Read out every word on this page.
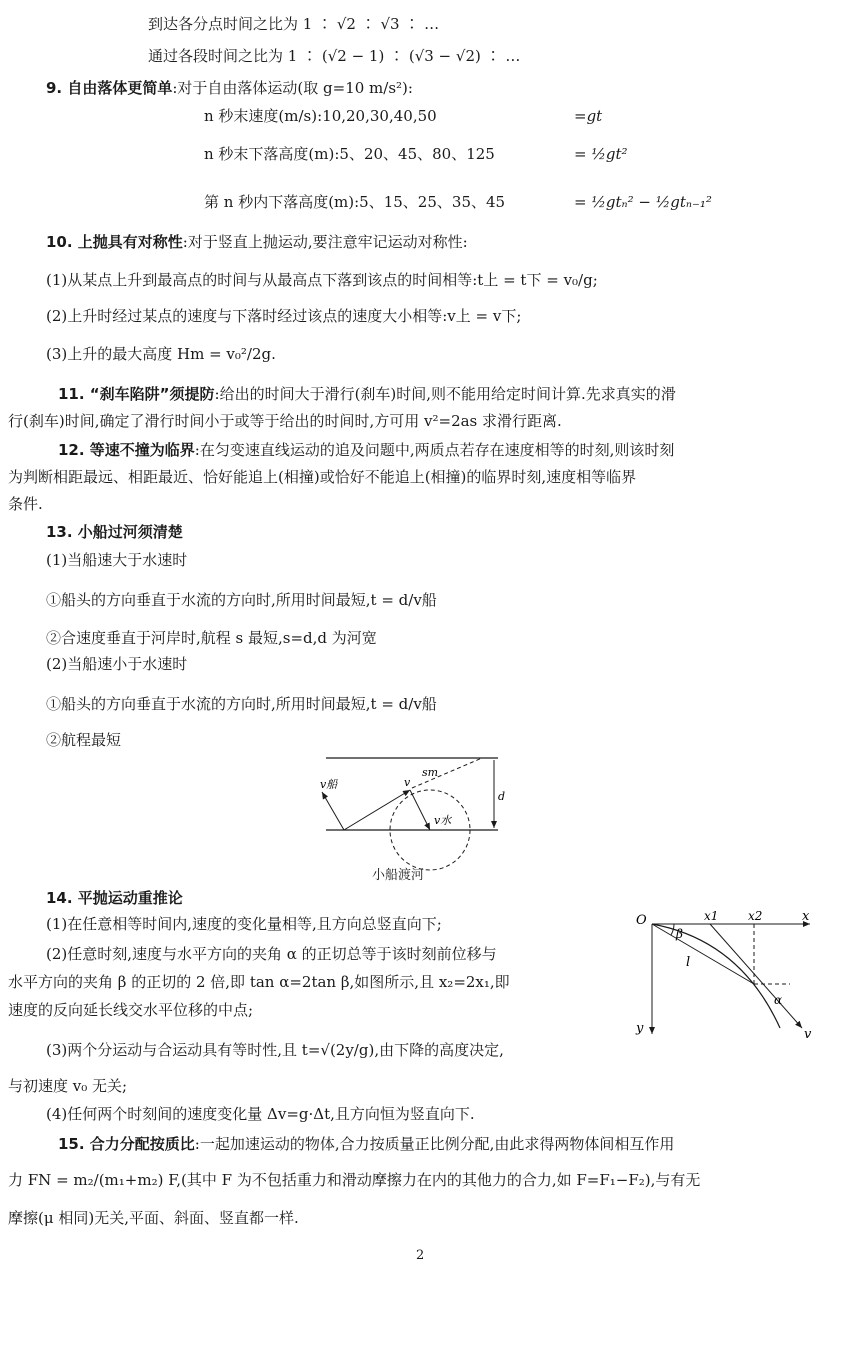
到达各分点时间之比为 1 ∶ √2 ∶ √3 ∶ …
通过各段时间之比为 1 ∶ (√2 − 1) ∶ (√3 − √2) ∶ …
9. 自由落体更简单:对于自由落体运动(取 g=10 m/s²):
n 秒末速度(m/s):10,20,30,40,50	=gt
n 秒末下落高度(m):5、20、45、80、125	= ½gt²
第 n 秒内下落高度(m):5、15、25、35、45	= ½gtₙ² − ½gtₙ₋₁²
10. 上抛具有对称性:对于竖直上抛运动,要注意牢记运动对称性:
(1)从某点上升到最高点的时间与从最高点下落到该点的时间相等:t上 = t下 = v₀/g;
(2)上升时经过某点的速度与下落时经过该点的速度大小相等:v上 = v下;
(3)上升的最大高度 Hm = v₀²/2g.
11. “刹车陷阱”须提防:给出的时间大于滑行(刹车)时间,则不能用给定时间计算.先求真实的滑
行(刹车)时间,确定了滑行时间小于或等于给出的时间时,方可用 v²=2as 求滑行距离.
12. 等速不撞为临界:在匀变速直线运动的追及问题中,两质点若存在速度相等的时刻,则该时刻
为判断相距最远、相距最近、恰好能追上(相撞)或恰好不能追上(相撞)的临界时刻,速度相等临界
条件.
13. 小船过河须清楚
(1)当船速大于水速时
①船头的方向垂直于水流的方向时,所用时间最短,t = d/v船
②合速度垂直于河岸时,航程 s 最短,s=d,d 为河宽
(2)当船速小于水速时
①船头的方向垂直于水流的方向时,所用时间最短,t = d/v船
②航程最短
v船	v
sm
d
v水
小船渡河
14. 平抛运动重推论
(1)在任意相等时间内,速度的变化量相等,且方向总竖直向下;
(2)任意时刻,速度与水平方向的夹角 α 的正切总等于该时刻前位移与
水平方向的夹角 β 的正切的 2 倍,即 tan α=2tan β,如图所示,且 x₂=2x₁,即
速度的反向延长线交水平位移的中点;
(3)两个分运动与合运动具有等时性,且 t=√(2y/g),由下降的高度决定,
与初速度 v₀ 无关;
(4)任何两个时刻间的速度变化量 Δv=g·Δt,且方向恒为竖直向下.
O	x1 x2	x
β
l
α
y	v
15. 合力分配按质比:一起加速运动的物体,合力按质量正比例分配,由此求得两物体间相互作用
力 FN = m₂/(m₁+m₂) F,(其中 F 为不包括重力和滑动摩擦力在内的其他力的合力,如 F=F₁−F₂),与有无
摩擦(μ 相同)无关,平面、斜面、竖直都一样.
2
